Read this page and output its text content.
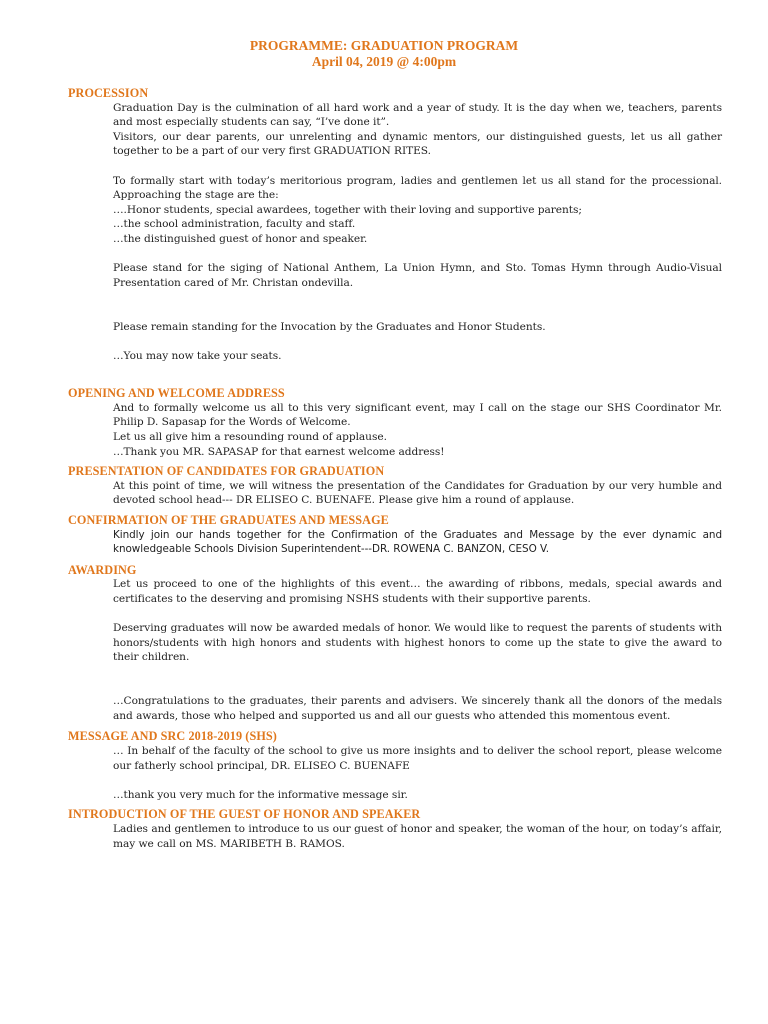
PROGRAMME: GRADUATION PROGRAM
April 04, 2019 @ 4:00pm
PROCESSION
Graduation Day is the culmination of all hard work and a year of study. It is the day when we, teachers, parents and most especially students can say, “I’ve done it”.
Visitors, our dear parents, our unrelenting and dynamic mentors, our distinguished guests, let us all gather together to be a part of our very first GRADUATION RITES.
To formally start with today’s meritorious program, ladies and gentlemen let us all stand for the processional. Approaching the stage are the:
….Honor students, special awardees, together with their loving and supportive parents;
…the school administration, faculty and staff.
…the distinguished guest of honor and speaker.
Please stand for the siging of National Anthem, La Union Hymn, and Sto. Tomas Hymn through Audio-Visual Presentation cared of Mr. Christan ondevilla.
Please remain standing for the Invocation by the Graduates and Honor Students.
…You may now take your seats.
OPENING AND WELCOME ADDRESS
And to formally welcome us all to this very significant event, may I call on the stage our SHS Coordinator Mr. Philip D. Sapasap for the Words of Welcome.
Let us all give him a resounding round of applause.
…Thank you MR. SAPASAP for that earnest welcome address!
PRESENTATION OF CANDIDATES FOR GRADUATION
At this point of time, we will witness the presentation of the Candidates for Graduation by our very humble and devoted school head--- DR ELISEO C. BUENAFE. Please give him a round of applause.
CONFIRMATION OF THE GRADUATES AND MESSAGE
Kindly join our hands together for the Confirmation of the Graduates and Message by the ever dynamic and knowledgeable Schools Division Superintendent---DR. ROWENA C. BANZON, CESO V.
AWARDING
Let us proceed to one of the highlights of this event… the awarding of ribbons, medals, special awards and certificates to the deserving and promising NSHS students with their supportive parents.
Deserving graduates will now be awarded medals of honor. We would like to request the parents of students with honors/students with high honors and students with highest honors to come up the state to give the award to their children.
…Congratulations to the graduates, their parents and advisers. We sincerely thank all the donors of the medals and awards, those who helped and supported us and all our guests who attended this momentous event.
MESSAGE AND SRC 2018-2019 (SHS)
… In behalf of the faculty of the school to give us more insights and to deliver the school report, please welcome our fatherly school principal, DR. ELISEO C. BUENAFE
…thank you very much for the informative message sir.
INTRODUCTION OF THE GUEST OF HONOR AND SPEAKER
Ladies and gentlemen to introduce to us our guest of honor and speaker, the woman of the hour, on today’s affair, may we call on MS. MARIBETH B. RAMOS.
